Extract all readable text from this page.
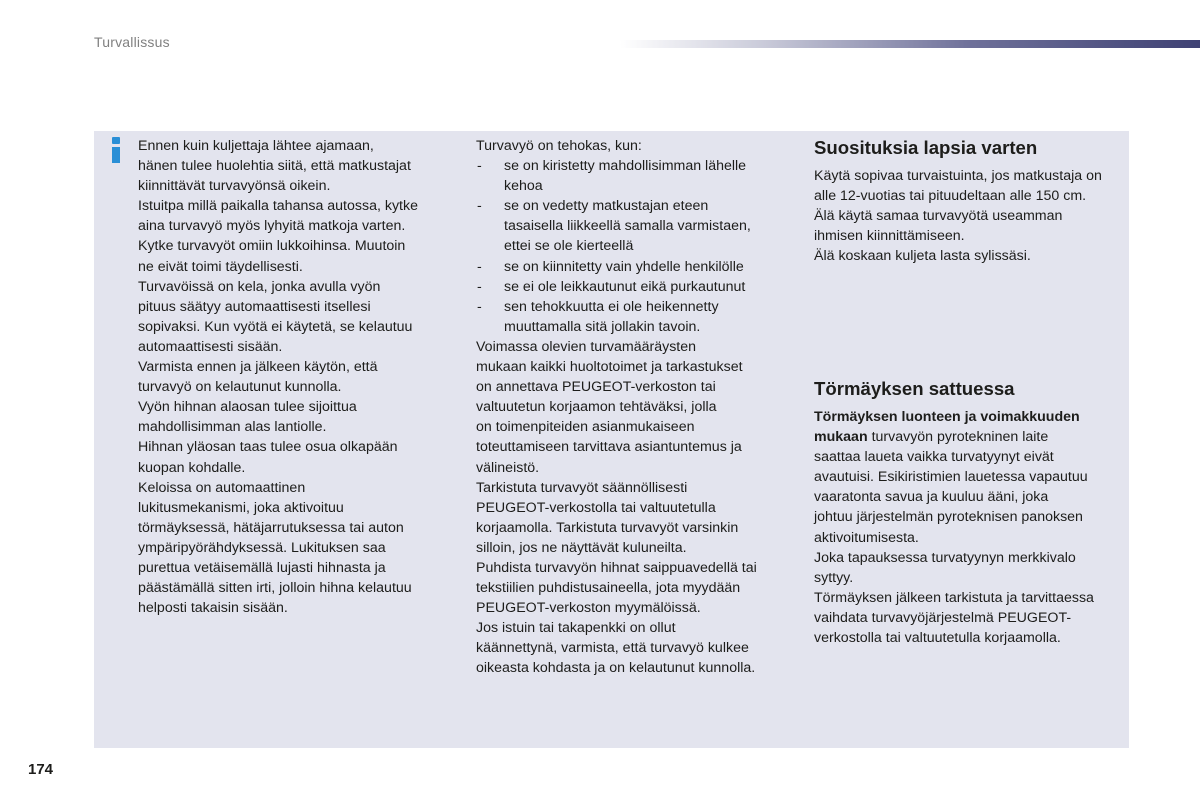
Turvallissus
Ennen kuin kuljettaja lähtee ajamaan,
hänen tulee huolehtia siitä, että matkustajat
kiinnittävät turvavyönsä oikein.
Istuitpa millä paikalla tahansa autossa, kytke
aina turvavyö myös lyhyitä matkoja varten.
Kytke turvavyöt omiin lukkoihinsa. Muutoin
ne eivät toimi täydellisesti.
Turvavöissä on kela, jonka avulla vyön
pituus säätyy automaattisesti itsellesi
sopivaksi. Kun vyötä ei käytetä, se kelautuu
automaattisesti sisään.
Varmista ennen ja jälkeen käytön, että
turvavyö on kelautunut kunnolla.
Vyön hihnan alaosan tulee sijoittua
mahdollisimman alas lantiolle.
Hihnan yläosan taas tulee osua olkapään
kuopan kohdalle.
Keloissa on automaattinen
lukitusmekanismi, joka aktivoituu
törmäyksessä, hätäjarrutuksessa tai auton
ympäripyörähdyksessä. Lukituksen saa
purettua vetäisemällä lujasti hihnasta ja
päästämällä sitten irti, jolloin hihna kelautuu
helposti takaisin sisään.
Turvavyö on tehokas, kun:
- se on kiristetty mahdollisimman lähelle
kehoa
- se on vedetty matkustajan eteen
tasaisella liikkeellä samalla varmistaen,
ettei se ole kierteellä
- se on kiinnitetty vain yhdelle henkilölle
- se ei ole leikkautunut eikä purkautunut
- sen tehokkuutta ei ole heikennetty
muuttamalla sitä jollakin tavoin.
Voimassa olevien turvamääräysten
mukaan kaikki huoltotoimet ja tarkastukset
on annettava PEUGEOT-verkoston tai
valtuutetun korjaamon tehtäväksi, jolla
on toimenpiteiden asianmukaiseen
toteuttamiseen tarvittava asiantuntemus ja
välineistö.
Tarkistuta turvavyöt säännöllisesti
PEUGEOT-verkostolla tai valtuutetulla
korjaamolla. Tarkistuta turvavyöt varsinkin
silloin, jos ne näyttävät kuluneilta.
Puhdista turvavyön hihnat saippuavedellä tai
tekstiilien puhdistusaineella, jota myydään
PEUGEOT-verkoston myymälöissä.
Jos istuin tai takapenkki on ollut
käännettynä, varmista, että turvavyö kulkee
oikeasta kohdasta ja on kelautunut kunnolla.
Suosituksia lapsia varten
Käytä sopivaa turvaistuinta, jos matkustaja on
alle 12-vuotias tai pituudeltaan alle 150 cm.
Älä käytä samaa turvavyötä useamman
ihmisen kiinnittämiseen.
Älä koskaan kuljeta lasta sylissäsi.
Törmäyksen sattuessa
Törmäyksen luonteen ja voimakkuuden
mukaan turvavyön pyrotekninen laite
saattaa laueta vaikka turvatyynyt eivät
avautuisi. Esikiristimien lauetessa vapautuu
vaaratonta savua ja kuuluu ääni, joka
johtuu järjestelmän pyroteknisen panoksen
aktivoitumisesta.
Joka tapauksessa turvatyynyn merkkivalo
syttyy.
Törmäyksen jälkeen tarkistuta ja tarvittaessa
vaihdata turvavyöjärjestelmä PEUGEOT-
verkostolla tai valtuutetulla korjaamolla.
174
